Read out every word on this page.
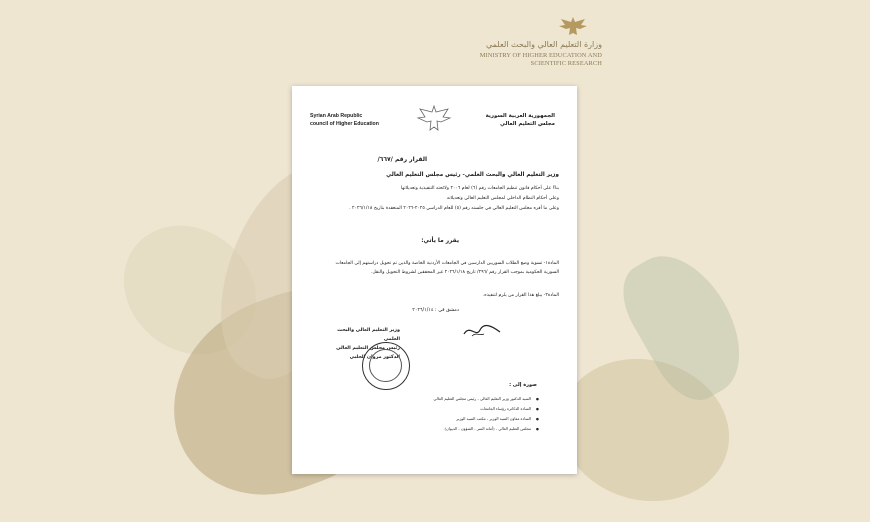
وزارة التعليم العالي والبحث العلمي
MINISTRY OF HIGHER EDUCATION AND
SCIENTIFIC RESEARCH
Syrian Arab Republic
council of Higher Education
الجمهورية العربية السورية
مجلس التعليم العالي
القرار رقم /٦٦٧/
وزير التعليم العالي والبحث العلمي- رئيس مجلس التعليم العالي
بناءً على أحكام قانون تنظيم الجامعات رقم (٦) لعام ٢٠٠٦ ولائحته التنفيذية وتعديلاتها
وعلى أحكام النظام الداخلي لمجلس التعليم العالي وتعديلاته
وعلى ما أقره مجلس التعليم العالي في جلسته رقم (٥) للعام الدراسي ٢٠٢٥-٢٠٢٦ المنعقدة بتاريخ ٢٠٢٦/١/١٨ .
يقرر ما يأتي:
المادة١- تسوية وضع الطلاب السوريين الدارسين في الجامعات الأردنية الخاصة والذين تم تحويل دراستهم إلى الجامعات
السورية الحكومية بموجب القرار رقم /٢٩٦/ تاريخ ٢٠٢٦/١/١٨ غير المحققين لشروط التحويل والنقل.
المادة٢- يبلغ هذا القرار من يلزم لتنفيذه.
دمشق في : ٢٠٢٦/١/١٤
وزير التعليم العالي والبحث العلمي
رئيس مجلس التعليم العالي
الدكتور مروان الحلبي
صورة إلى :
● السيد الدكتور وزير التعليم العالي - رئيس مجلس التعليم العالي
● السادة الدكاترة رؤساء الجامعات
● السادة معاون السيد الوزير - مكتب السيد الوزير
● مجلس التعليم العالي - (أمانة السر - الشؤون - الديوان)
